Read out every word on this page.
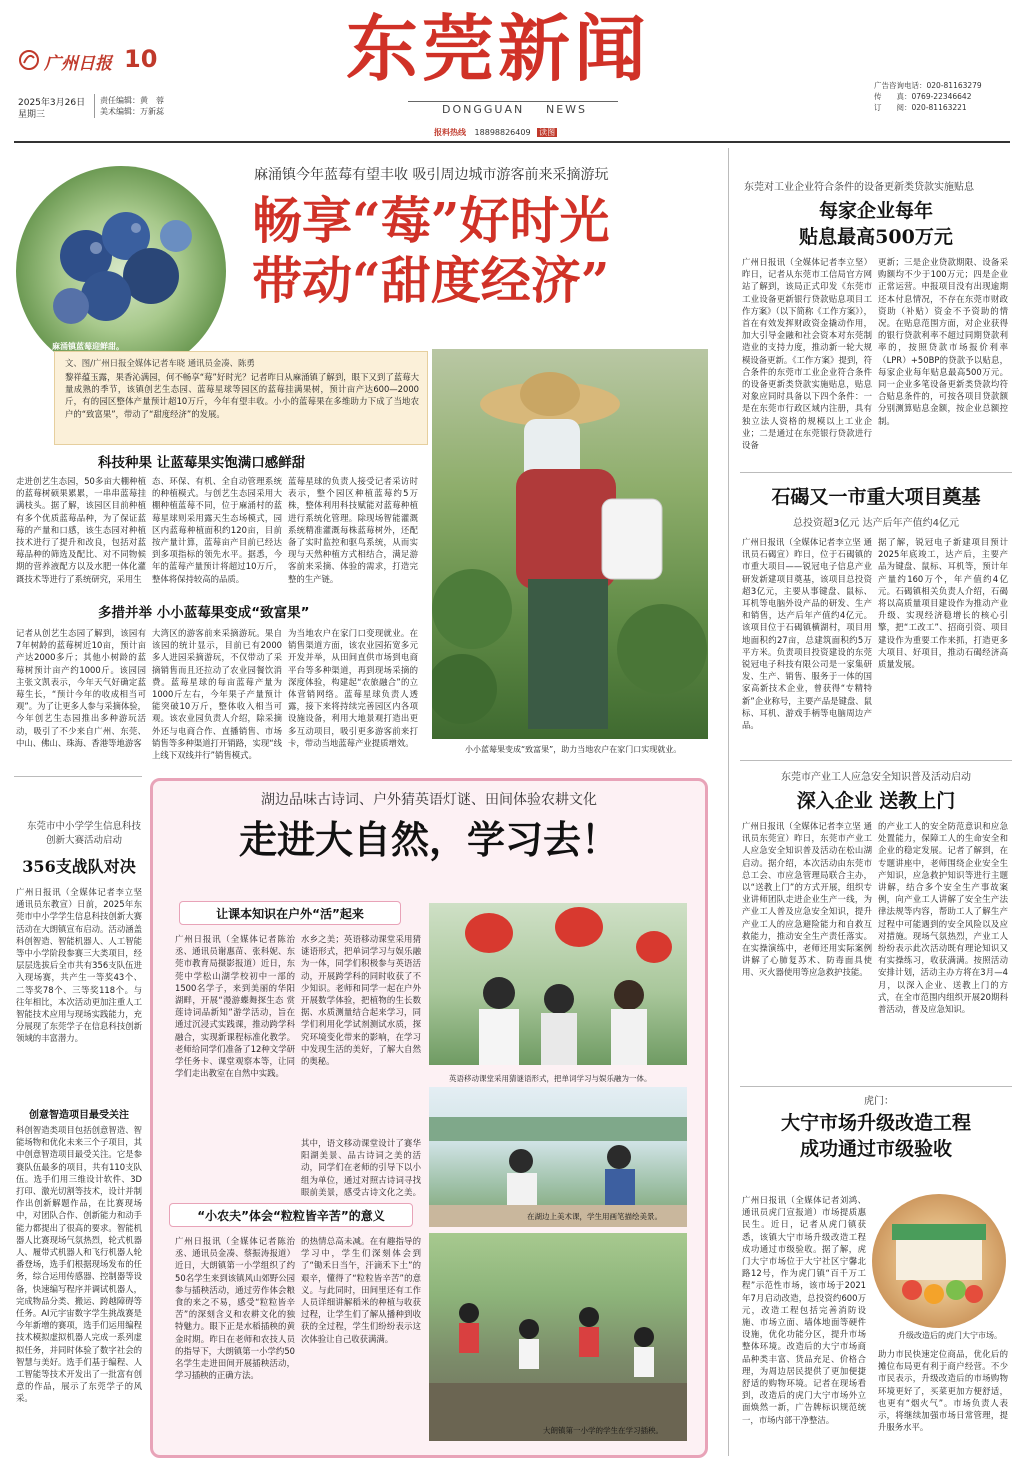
广州日报 10	东莞新闻
DONGGUAN NEWS
报料热线 18898826409 读图
2025年3月26日
星期三
责任编辑：黄　蓉
美术编辑：万新蕊
广告咨询电话：020-81163279
传　　真：0769-22346642
订　　阅：020-81163221
麻涌镇蓝莓迎鲜甜。
麻涌镇今年蓝莓有望丰收 吸引周边城市游客前来采摘游玩
畅享“莓”好时光
带动“甜度经济”
文、图/广州日报全媒体记者车晓 通讯员金凑、陈勇
黎祥蕴玉露，果香沁满园，何不畅享“莓”好时光？记者昨日从麻涌镇了解到，眼下又到了蓝莓大量成熟的季节，该镇创艺生态园、蓝莓星球等园区的蓝莓挂满果树，预计亩产达600—2000斤，有的园区整体产量预计超10万斤，今年有望丰收。小小的蓝莓果在多维助力下成了当地农户的“致富果”，带动了“甜度经济”的发展。
科技种果 让蓝莓果实饱满口感鲜甜
走进创艺生态园，50多亩大棚种植的蓝莓树硕果累累，一串串蓝莓挂满枝头。据了解，该园区目前种植有多个优质蓝莓品种，为了保证蓝莓的产量和口感，该生态园对种植技术进行了提升和改良，包括对蓝莓品种的筛选及配比、对不同物候期的营养液配方以及水肥一体化灌溉技术等进行了系统研究，采用生
态、环保、有机、全自动管理系统的种植模式。与创艺生态园采用大棚种植蓝莓不同，位于麻涌村的蓝莓星球则采用露天生态场模式，园区内蓝莓种植面积约120亩，目前按产量计算，蓝莓亩产目前已经达到多项指标的领先水平。据悉，今年的蓝莓产量预计将超过10万斤，整体将保持较高的品质。
蓝莓星球的负责人接受记者采访时表示，整个园区种植蓝莓约5万株，整体利用科技赋能对蓝莓种植进行系统化管理。除现场智能灌溉系统精准灌溉每株蓝莓树外，还配备了实时监控和驱鸟系统，从而实现与天然种植方式相结合，满足游客前来采摘、体验的需求，打造完整的生产链。
多措并举 小小蓝莓果变成“致富果”
记者从创艺生态园了解到，该园有7年树龄的蓝莓树近10亩，预计亩产达2000多斤；其他小树龄的蓝莓树预计亩产约1000斤。该园园主张文凯表示，今年天气好确定蓝莓生长，“预计今年的收成相当可观”。为了让更多人参与采摘体验，今年创艺生态园推出多种游玩活动，吸引了不少来自广州、东莞、中山、佛山、珠海、香港等地游客
大湾区的游客前来采摘游玩。果自该园的统计显示，目前已有2000多人进园采摘游玩，不仅带动了采摘销售而且还拉动了农业园餐饮消费。蓝莓星球的每亩蓝莓产量为1000斤左右，今年果子产量预计能突破10万斤，整体收入相当可观。该农业园负责人介绍，除采摘外还与电商合作、直播销售、市场销售等多种渠道打开销路，实现“线上线下双线并行”销售模式。
为当地农户在家门口变现就业。在销售渠道方面，该农业园拓宽多元开发并举，从田间直供市场到电商平台等多种渠道，再到现场采摘的深度体验，构建起“农旅融合”的立体营销网络。蓝莓星球负责人透露，接下来将持续完善园区内各项设施设备，利用大地景观打造出更多互动项目，吸引更多游客前来打卡，带动当地蓝莓产业提质增效。
小小蓝莓果变成“致富果”，助力当地农户在家门口实现就业。
东莞对工业企业符合条件的设备更新类贷款实施贴息
每家企业每年
贴息最高500万元
广州日报讯（全媒体记者李立坚）昨日，记者从东莞市工信局官方网站了解到，该局正式印发《东莞市工业设备更新银行贷款贴息项目工作方案》（以下简称《工作方案》），首在有效发挥财政资金撬动作用，加大引导金融和社会资本对东莞制造业的支持力度，推动新一轮大规模设备更新。《工作方案》提到，符合条件的东莞市工业企业符合条件的设备更新类贷款实施贴息，贴息对象应同时具备以下四个条件：一是在东莞市行政区域内注册，具有独立法人资格的规模以上工业企业；二是通过在东莞银行贷款进行设备
更新；三是企业贷款期限、设备采购额均不少于100万元；四是企业正常运营。申报项目没有出现逾期还本付息情况，不存在东莞市财政资助（补贴）资金不予资助的情况。在贴息范围方面，对企业获得的银行贷款利率不超过同期贷款利率的，按照贷款市场报价利率（LPR）+50BP的贷款予以贴息，每家企业每年贴息最高500万元。同一企业多笔设备更新类贷款均符合贴息条件的，可按各项目贷款额分别测算贴息金额，按企业总额控制。
石碣又一市重大项目奠基
总投资超3亿元 达产后年产值约4亿元
广州日报讯（全媒体记者李立坚 通讯员石碣宣）昨日，位于石碣镇的市重大项目——锐冠电子信息产业研发新建项目奠基，该项目总投资超3亿元，主要从事键盘、鼠标、耳机等电脑外设产品的研发、生产和销售，达产后年产值约4亿元。该项目位于石碣镇横湖村，项目用地面积约27亩，总建筑面积约5万平方米。负责项目投资建设的东莞锐冠电子科技有限公司是一家集研发、生产、销售、服务于一体的国家高新技术企业，曾获得“专精特新”企业称号，主要产品是键盘、鼠标、耳机、游戏手柄等电脑周边产品。
据了解，锐冠电子新建项目预计2025年底竣工，达产后，主要产品为键盘、鼠标、耳机等，预计年产量约160万个，年产值约4亿元。石碣镇相关负责人介绍，石碣将以高质量项目建设作为推动产业升级、实现经济稳增长的核心引擎，把“工改工”、招商引资、项目建设作为重要工作来抓，打造更多大项目、好项目，推动石碣经济高质量发展。
东莞市产业工人应急安全知识普及活动启动
深入企业 送教上门
广州日报讯（全媒体记者李立坚 通讯员东莞宣）昨日，东莞市产业工人应急安全知识普及活动在松山湖启动。据介绍，本次活动由东莞市总工会、市应急管理局联合主办，以“送教上门”的方式开展，组织专业讲师团队走进企业生产一线，为产业工人普及应急安全知识，提升产业工人的应急避险能力和自救互救能力，推动安全生产责任落实。在实操演练中，老师还用实际案例讲解了心肺复苏术、防毒面具使用、灭火器使用等应急救护技能。
的产业工人的安全防范意识和应急处置能力，保障工人的生命安全和企业的稳定发展。记者了解到，在专题讲座中，老师围绕企业安全生产知识，应急救护知识等进行主题讲解，结合多个安全生产事故案例，向产业工人讲解了安全生产法律法规等内容，帮助工人了解生产过程中可能遇到的安全风险以及应对措施。现场气氛热烈，产业工人纷纷表示此次活动既有理论知识又有实操练习，收获满满。按照活动安排计划，活动主办方将在3月—4月，以深入企业、送教上门的方式，在全市范围内组织开展20期科普活动，普及应急知识。
虎门：
大宁市场升级改造工程
成功通过市级验收
广州日报讯（全媒体记者刘鸿、通讯员虎门宣报道）市场提质惠民生。近日，记者从虎门镇获悉，该镇大宁市场升级改造工程成功通过市级验收。据了解，虎门大宁市场位于大宁社区宁馨北路12号，作为虎门镇“百千万工程”示范性市场，该市场于2021年7月启动改造，总投资约600万元，改造工程包括完善消防设施、市场立面、墙体地面等硬件设施，优化功能分区，提升市场整体环境。改造后的大宁市场商品种类丰富、货品充足、价格合理，为周边居民提供了更加便捷舒适的购物环境。记者在现场看到，改造后的虎门大宁市场外立面焕然一新，广告牌标识规范统一，市场内部干净整洁。
升级改造后的虎门大宁市场。
助力市民快速定位商品，优化后的摊位布局更有利于商户经营。不少市民表示，升级改造后的市场购物环境更好了，买菜更加方便舒适，也更有“烟火气”。市场负责人表示，将继续加强市场日常管理，提升服务水平。
东莞市中小学学生信息科技创新大赛活动启动
356支战队对决
广州日报讯（全媒体记者李立坚 通讯员东教宣）日前，2025年东莞市中小学学生信息科技创新大赛活动在大朗镇宣布启动。活动涵盖科创智造、智能机器人、人工智能等中小学阶段参赛三大类项目，经层层选拔后全市共有356支队伍进入现场赛，共产生一等奖43个、二等奖78个、三等奖118个。与往年相比，本次活动更加注重人工智能技术应用与现场实践能力，充分展现了东莞学子在信息科技创新领域的丰富潜力。
创意智造项目最受关注
科创智造类项目包括创意智造、智能场物和优化未来三个子项目，其中创意智造项目最受关注。它是参赛队伍最多的项目，共有110支队伍。选手们用三维设计软件、3D打印、激光切割等技术，设计并制作出创新解题作品，在比赛现场中，对团队合作、创新能力和动手能力都提出了很高的要求。智能机器人比赛现场气氛热烈，轮式机器人、履带式机器人和飞行机器人轮番登场，选手们根据现场发布的任务，综合运用传感器、控制器等设备，快速编写程序并调试机器人，完成物品分类、搬运、跨越障碍等任务。AI元宇宙数字学生挑战赛是今年新增的赛项，选手们运用编程技术模拟虚拟机器人完成一系列虚拟任务，并同时体验了数字社会的智慧与美好。选手们基于编程、人工智能等技术开发出了一批富有创意的作品，展示了东莞学子的风采。
湖边品味古诗词、户外猜英语灯谜、田间体验农耕文化
走进大自然，学习去！
让课本知识在户外“活”起来
广州日报讯（全媒体记者陈治丞、通讯员谢惠苗、张科妮、东莞市教育局摄影报道）近日，东莞中学松山湖学校初中一部的1500名学子，来到美丽的华阳湖畔，开展“漫游蝶舞探生态 赏莲诗词品新知”游学活动，旨在通过沉浸式实践课，推动跨学科融合，实现新课程标准化教学。老师给同学们准备了12种文学研学任务卡、课堂观察本等，让同学们走出教室在自然中实践。
水乡之美；英语移动课堂采用猜谜语形式，把单词学习与娱乐融为一体，同学们积极参与英语活动，开展跨学科的同时收获了不少知识。老师和同学一起在户外开展数学体验，把植物的生长数据、水质测量结合起来学习，同学们利用化学试剂测试水质，探究环境变化带来的影响，在学习中发现生活的美好，了解大自然的奥秘。
其中，语文移动课堂设计了赛华阳湖美景、品古诗词之美的活动，同学们在老师的引导下以小组为单位，通过对照古诗词寻找眼前美景，感受古诗文化之美。
英语移动课堂采用猜谜语形式，把单词学习与娱乐融为一体。
在湖边上美术课，学生用画笔描绘美景。
“小农夫”体会“粒粒皆辛苦”的意义
广州日报讯（全媒体记者陈治丞、通讯员金凑、蔡振涛报道）近日，大朗镇第一小学组织了约50名学生来到该镇风山郊野公园参与插秧活动，通过劳作体会粮食的来之不易，感受“粒粒皆辛苦”的深刻含义和农耕文化的独特魅力。眼下正是水稻插秧的黄金时期。昨日在老师和农技人员的指导下，大朗镇第一小学约50名学生走进田间开展插秧活动，学习插秧的正确方法。
的热情总高未减。在有趣指导的学习中，学生们深刻体会到了“锄禾日当午，汗滴禾下土”的艰辛，懂得了“粒粒皆辛苦”的意义。与此同时，田间里还有工作人员详细讲解稻米的种植与收获过程，让学生们了解从播种到收获的全过程，学生们纷纷表示这次体验让自己收获满满。
大朗镇第一小学的学生在学习插秧。
